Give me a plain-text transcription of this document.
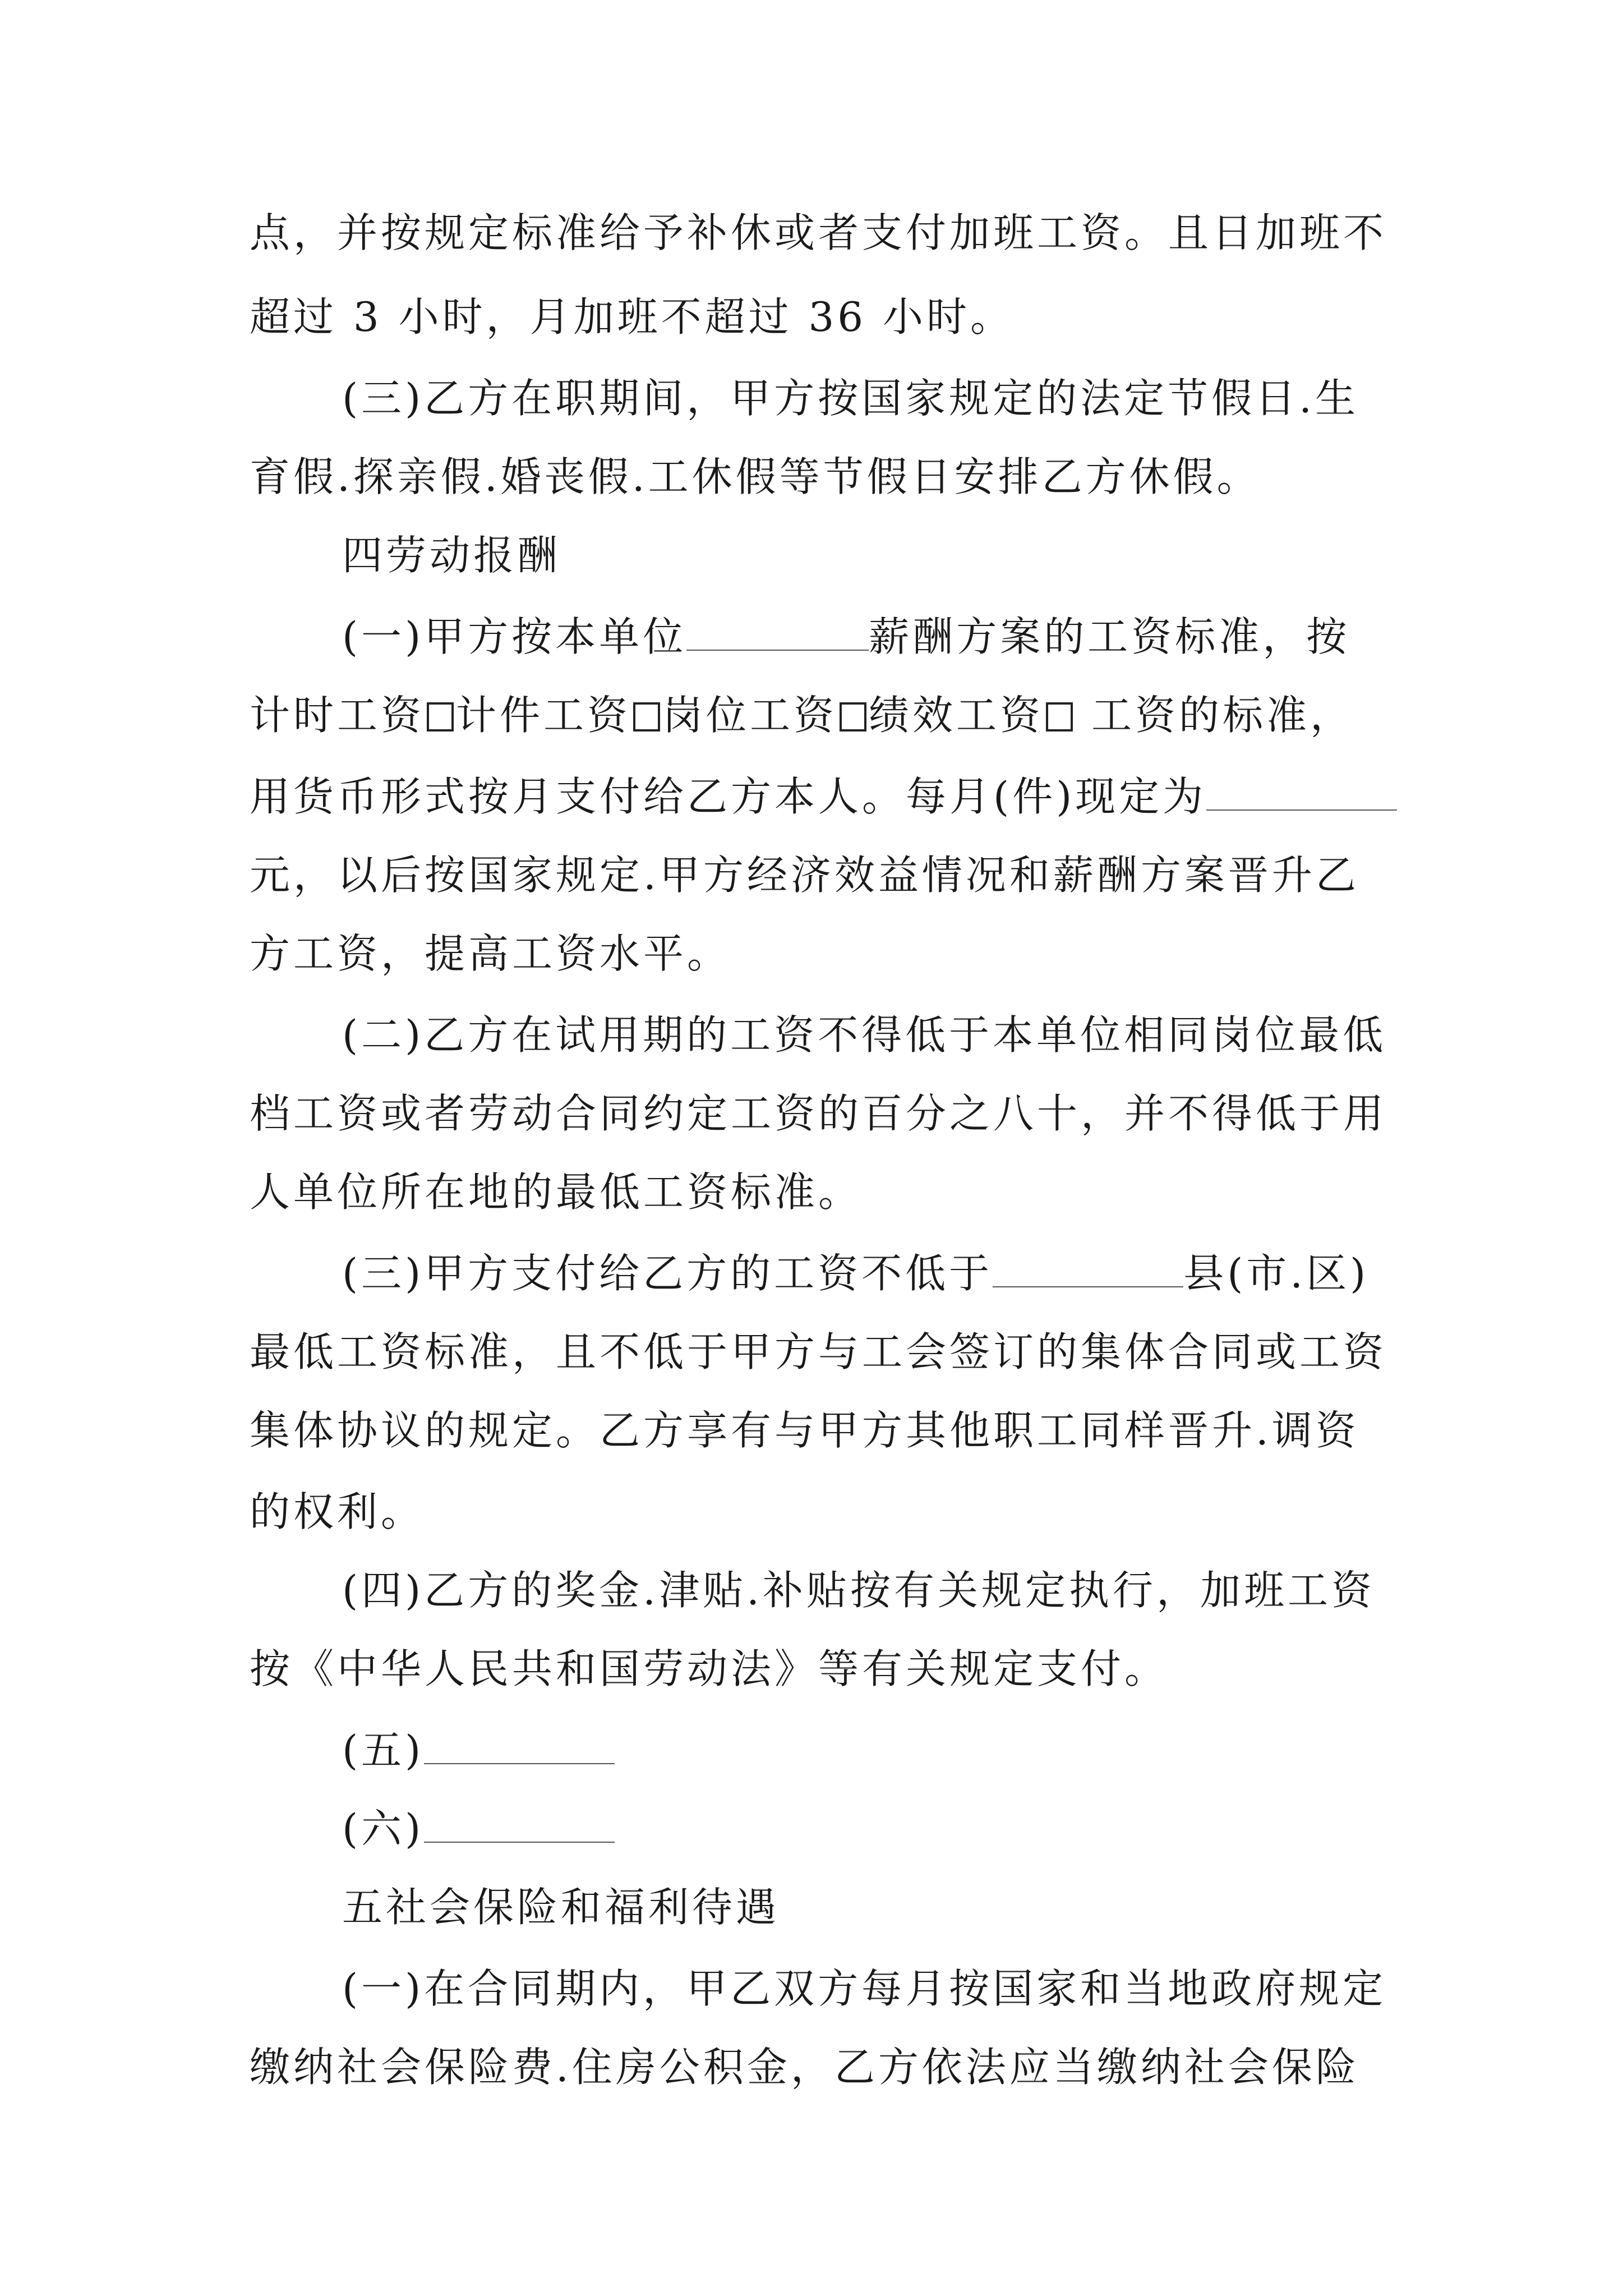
点，并按规定标准给予补休或者支付加班工资。且日加班不
超过 3 小时，月加班不超过 36 小时。
(三)乙方在职期间，甲方按国家规定的法定节假日.生
育假.探亲假.婚丧假.工休假等节假日安排乙方休假。
四劳动报酬
(一)甲方按本单位	薪酬方案的工资标准，按
计时工资 计件工资 岗位工资 绩效工资 工资的标准，
用货币形式按月支付给乙方本人。每月(件)现定为
元，以后按国家规定.甲方经济效益情况和薪酬方案晋升乙
方工资，提高工资水平。
(二)乙方在试用期的工资不得低于本单位相同岗位最低
档工资或者劳动合同约定工资的百分之八十，并不得低于用
人单位所在地的最低工资标准。
(三)甲方支付给乙方的工资不低于	县(市.区)
最低工资标准，且不低于甲方与工会签订的集体合同或工资
集体协议的规定。乙方享有与甲方其他职工同样晋升.调资
的权利。
(四)乙方的奖金.津贴.补贴按有关规定执行，加班工资
按《中华人民共和国劳动法》等有关规定支付。
(五)
(六)
五社会保险和福利待遇
(一)在合同期内，甲乙双方每月按国家和当地政府规定
缴纳社会保险费.住房公积金，乙方依法应当缴纳社会保险
